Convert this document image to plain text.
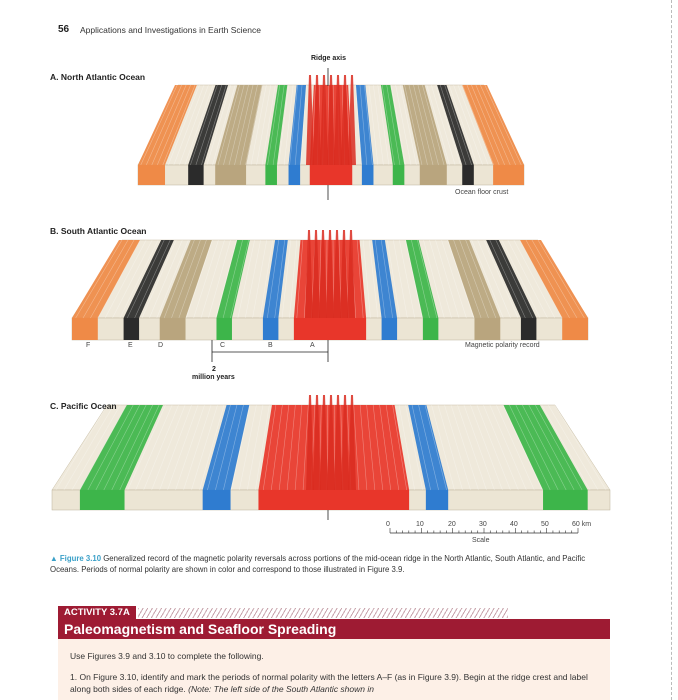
56 Applications and Investigations in Earth Science
A. North Atlantic Ocean
Ridge axis
Ocean floor crust
B. South Atlantic Ocean
F	E	D	C	B	A	Magnetic polarity record
2
million years
C. Pacific Ocean
0	10	20	30	40	50	60 km
Scale
▲ Figure 3.10 Generalized record of the magnetic polarity reversals across portions of the mid-ocean ridge in the North Atlantic, South Atlantic, and Pacific Oceans. Periods of normal polarity are shown in color and correspond to those illustrated in Figure 3.9.
ACTIVITY 3.7A
Paleomagnetism and Seafloor Spreading
Use Figures 3.9 and 3.10 to complete the following.
1. On Figure 3.10, identify and mark the periods of normal polarity with the letters A–F (as in Figure 3.9). Begin at the ridge crest and label along both sides of each ridge. (Note: The left side of the South Atlantic shown in
